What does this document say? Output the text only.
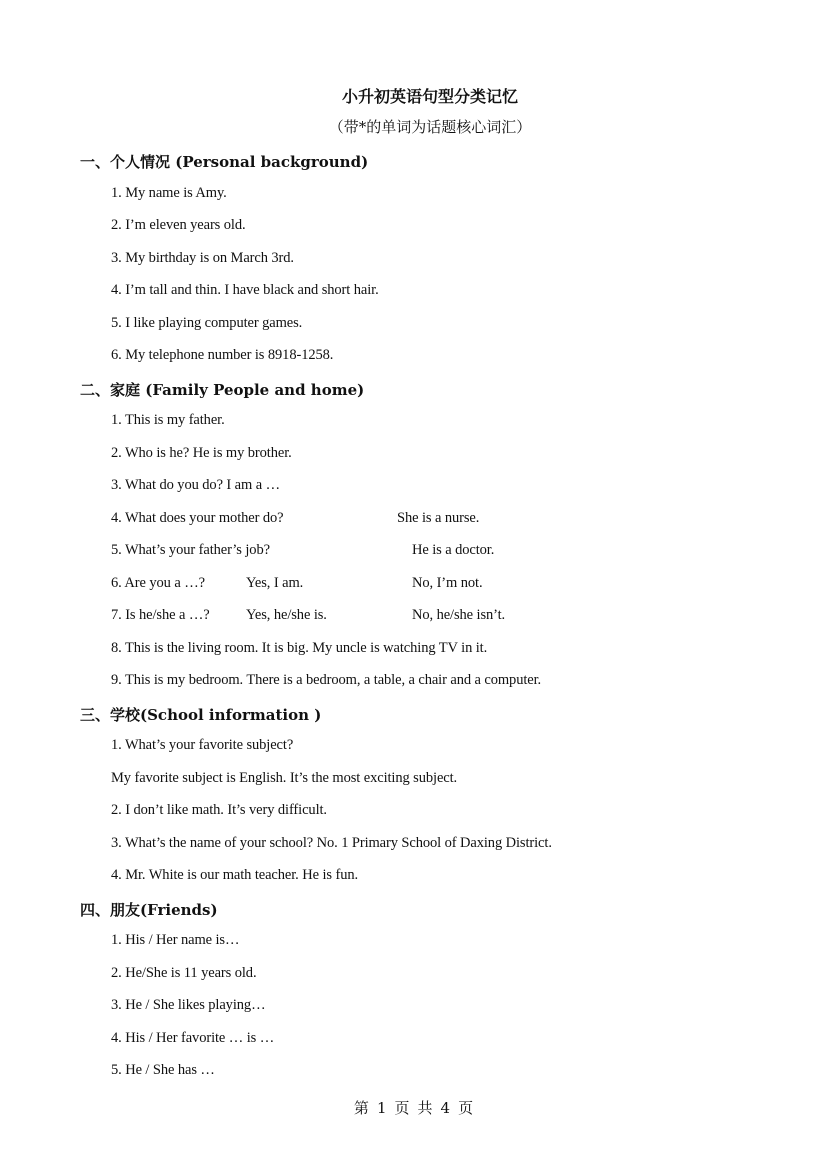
小升初英语句型分类记忆
（带*的单词为话题核心词汇）
一、个人情况 (Personal background)
1. My name is Amy.
2. I’m eleven years old.
3. My birthday is on March 3rd.
4. I’m tall and thin. I have black and short hair.
5. I like playing computer games.
6. My telephone number is 8918-1258.
二、家庭 (Family People and home)
1. This is my father.
2. Who is he? He is my brother.
3. What do you do? I am a …
4. What does your mother do?	She is a nurse.
5. What’s your father’s job?	He is a doctor.
6. Are you a …?	Yes, I am.	No, I’m not.
7. Is he/she a …?	Yes, he/she is.	No, he/she isn’t.
8. This is the living room. It is big. My uncle is watching TV in it.
9. This is my bedroom. There is a bedroom, a table, a chair and a computer.
三、学校(School information )
1. What’s your favorite subject?
My favorite subject is English. It’s the most exciting subject.
2. I don’t like math. It’s very difficult.
3. What’s the name of your school? No. 1 Primary School of Daxing District.
4. Mr. White is our math teacher. He is fun.
四、朋友(Friends)
1. His / Her name is…
2. He/She is 11 years old.
3. He / She likes playing…
4. His / Her favorite … is …
5. He / She has …
第 1 页 共 4 页
